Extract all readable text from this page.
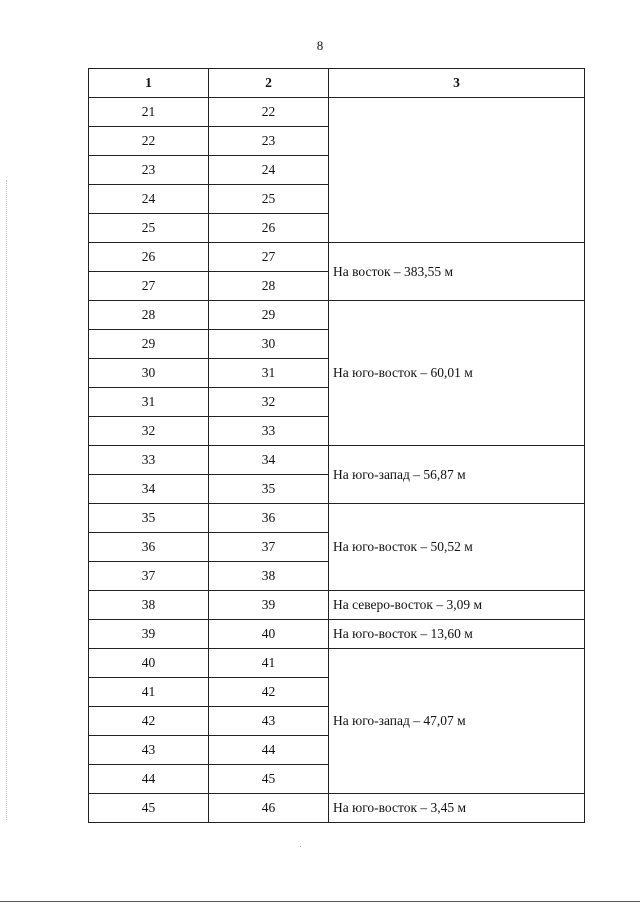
8
1	2	3
21	22	
22	23	
23	24	
24	25	
25	26	
26	27	На восток – 383,55 м
27	28	
28	29	На юго-восток – 60,01 м
29	30	
30	31	
31	32	
32	33	
33	34	На юго-запад – 56,87 м
34	35	
35	36	На юго-восток – 50,52 м
36	37	
37	38	
38	39	На северо-восток – 3,09 м
39	40	На юго-восток – 13,60 м
40	41	На юго-запад – 47,07 м
41	42	
42	43	
43	44	
44	45	
45	46	На юго-восток – 3,45 м
